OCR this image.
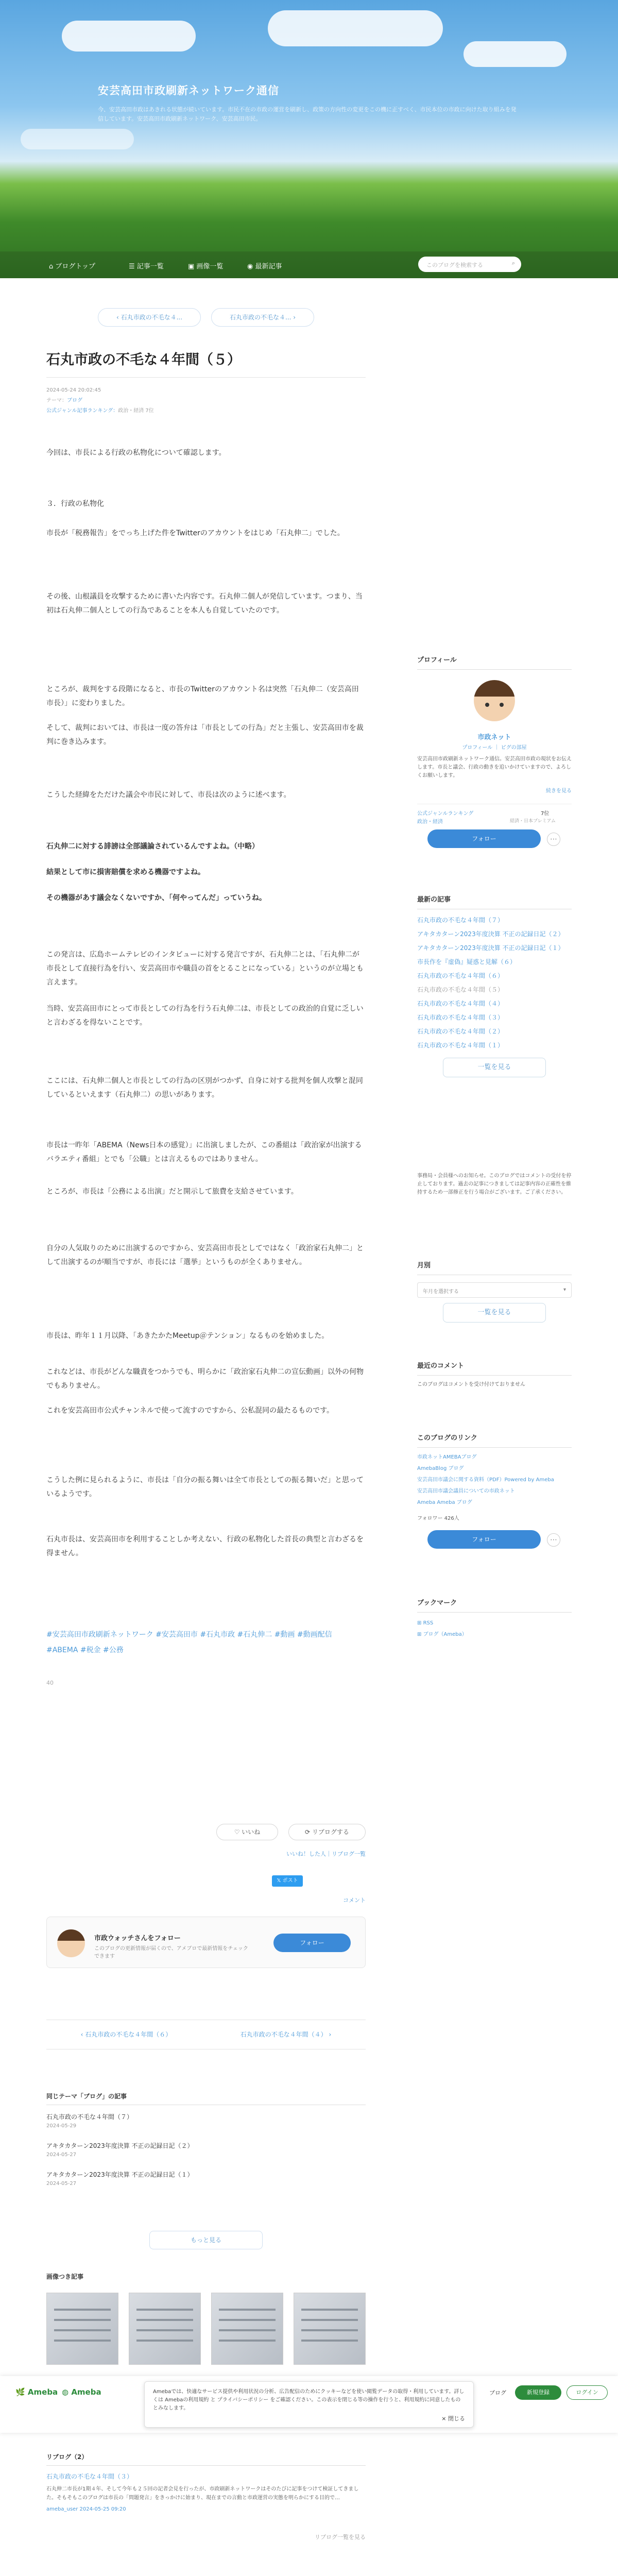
安芸高田市政刷新ネットワーク通信
今、安芸高田市政はあきれる状態が続いています。市民不在の市政の運営を刷新し、政策の方向性の変更をこの機に正すべく、市民本位の市政に向けた取り組みを発信しています。安芸高田市政刷新ネットワーク、安芸高田市民。
⌂ ブログトップ	☰ 記事一覧	▣ 画像一覧	◉ 最新記事	このブログを検索する	⌕
‹ 石丸市政の不毛な４...	石丸市政の不毛な４... ›
石丸市政の不毛な４年間（５）
2024-05-24 20:02:45
テーマ：ブログ
公式ジャンル記事ランキング：政治・経済 7位
今回は、市長による行政の私物化について確認します。
３．行政の私物化
市長が「税務報告」をでっち上げた件をTwitterのアカウントをはじめ「石丸伸二」でした。
その後、山根議員を攻撃するために書いた内容です。石丸伸二個人が発信しています。つまり、当初は石丸伸二個人としての行為であることを本人も自覚していたのです。
ところが、裁判をする段階になると、市長のTwitterのアカウント名は突然「石丸伸二（安芸高田市長）」に変わりました。
そして、裁判においては、市長は一度の答弁は「市長としての行為」だと主張し、安芸高田市を裁判に巻き込みます。
こうした経緯をただけた議会や市民に対して、市長は次のように述べます。
石丸伸二に対する誹謗は全部議論されているんですよね。（中略）
結果として市に損害賠償を求める機器ですよね。
その機器があす議会なくないですか、「何やってんだ」っていうね。
この発言は、広島ホームテレビのインタビューに対する発言ですが、石丸伸二とは、「石丸伸二が市長として直接行為を行い、安芸高田市や職員の首をとることになっている」というのが立場とも言えます。
当時、安芸高田市にとって市長としての行為を行う石丸伸二は、市長としての政治的自覚に乏しいと言わざるを得ないことです。
ここには、石丸伸二個人と市長としての行為の区別がつかず、自身に対する批判を個人攻撃と混同しているといえます（石丸伸二）の思いがあります。
市長は一昨年「ABEMA（News日本の感覚）」に出演しましたが、この番組は「政治家が出演するバラエティ番組」とでも「公職」とは言えるものではありません。
ところが、市長は「公務による出演」だと開示して旅費を支給させています。
自分の人気取りのために出演するのですから、安芸高田市長としてではなく「政治家石丸伸二」として出演するのが順当ですが、市長には「選挙」というものが全くありません。
市長は、昨年１１月以降、「あきたかたMeetup＠テンション」なるものを始めました。
これなどは、市長がどんな職責をつかうでも、明らかに「政治家石丸伸二の宣伝動画」以外の何物でもありません。
これを安芸高田市公式チャンネルで使って流すのですから、公私混同の最たるものです。
こうした例に見られるように、市長は「自分の振る舞いは全て市長としての振る舞いだ」と思っているようです。
石丸市長は、安芸高田市を利用することしか考えない、行政の私物化した首長の典型と言わざるを得ません。
#安芸高田市政刷新ネットワーク #安芸高田市 #石丸市政 #石丸伸二 #動画 #動画配信 #ABEMA #税金 #公務
40
♡ いいね	⟳ リブログする
いいね！した人｜リブログ一覧
𝕏 ポスト
コメント
市政ウォッチさんをフォロー
このブログの更新情報が届くので、アメブロで最新情報をチェックできます
フォロー
‹ 石丸市政の不毛な４年間（６）	石丸市政の不毛な４年間（４） ›
同じテーマ「ブログ」の記事
石丸市政の不毛な４年間（７）
2024-05-29
アキタカターン2023年度決算 不正の記録日記（２）
2024-05-27
アキタカターン2023年度決算 不正の記録日記（１）
2024-05-27
もっと見る
画像つき記事
🌿 Ameba ◍ Ameba	Amebaでは、快適なサービス提供や利用状況の分析、広告配信のためにクッキーなどを使い閲覧データの取得・利用しています。詳しくは Amebaの利用規約 と プライバシーポリシー をご確認ください。この表示を閉じる等の操作を行うと、利用規約に同意したものとみなします。
× 閉じる
ブログ	新規登録	ログイン
リブログ（2）
石丸市政の不毛な４年間（３）
石丸伸二市長が1期４年、そして今年も２５回の記者会見を行ったが、市政刷新ネットワークはそのたびに記事をつけて検証してきました。そもそもこのブログは市長の「問題発言」をきっかけに始まり、現在までの言動と市政運営の実態を明らかにする目的で…
ameba_user 2024-05-25 09:20
リブログ一覧を見る
プロフィール
市政ネット
プロフィール ｜ ピグの部屋
安芸高田市政刷新ネットワーク通信。安芸高田市政の現状をお伝えします。市長と議会、行政の動きを追いかけていますので、よろしくお願いします。
続きを見る
公式ジャンルランキング
政治・経済
7位
経済・日本プレミアム
フォロー	⋯
最新の記事
石丸市政の不毛な４年間（７）
アキタカターン2023年度決算 不正の記録日記（２）
アキタカターン2023年度決算 不正の記録日記（１）
市長作を『虚偽』疑惑と見解（６）
石丸市政の不毛な４年間（６）
石丸市政の不毛な４年間（５）
石丸市政の不毛な４年間（４）
石丸市政の不毛な４年間（３）
石丸市政の不毛な４年間（２）
石丸市政の不毛な４年間（１）
一覧を見る
事務局・会員様へのお知らせ。このブログではコメントの受付を停止しております。過去の記事につきましては記事内容の正確性を維持するため一部修正を行う場合がございます。ご了承ください。
月別
年月を選択する	▾
一覧を見る
最近のコメント
このブログはコメントを受け付けておりません
このブログのリンク
市政ネットAMEBAブログ
AmebaBlog ブログ
安芸高田市議会に関する資料（PDF）Powered by Ameba
安芸高田市議会議員についての市政ネット
Ameba Ameba ブログ
フォロワー 426人
フォロー	⋯
ブックマーク
⊞ RSS
⊞ ブログ（Ameba）
